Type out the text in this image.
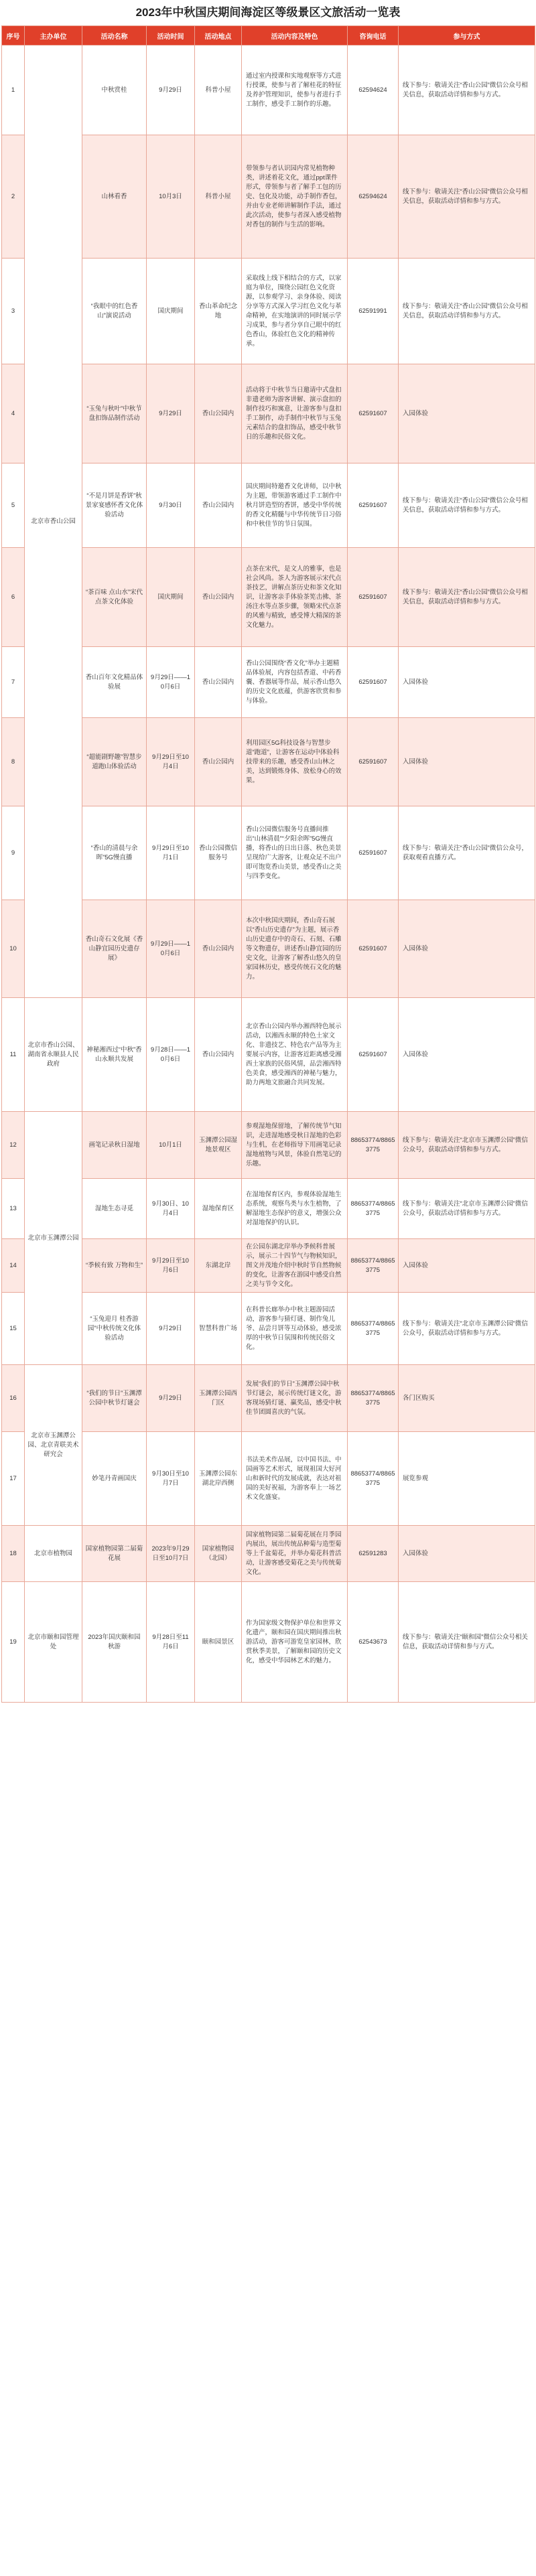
2023年中秋国庆期间海淀区等级景区文旅活动一览表
序号	主办单位	活动名称	活动时间	活动地点	活动内容及特色	咨询电话	参与方式
1	北京市香山公园	中秋赏桂	9月29日	科普小屋	通过室内授课和实地观察等方式进行授课，使参与者了解桂花的特征及养护管理知识，使参与者进行手工制作，感受手工制作的乐趣。	62594624	线下参与：敬请关注“香山公园”微信公众号相关信息，获取活动详情和参与方式。
2		山林看香	10月3日	科普小屋	带领参与者认识园内常见植物种类，讲述着花文化，通过ppt课件形式，带领参与者了解手工包的历史、包化及功能，动手制作香包，并由专业老师讲解制作手法，通过此次活动，使参与者深入感受植物对香包的制作与生活的影响。	62594624	线下参与：敬请关注“香山公园”微信公众号相关信息，获取活动详情和参与方式。
3		“我眼中的红色香山”演说活动	国庆期间	香山革命纪念地	采取线上线下相结合的方式，以家庭为单位，围绕公园红色文化资源，以参观学习、亲身体验、阅读分享等方式深入学习红色文化与革命精神，在实地演讲的同时展示学习成果，参与者分享自己眼中的红色香山，体验红色文化的精神传承。	62591991	线下参与：敬请关注“香山公园”微信公众号相关信息，获取活动详情和参与方式。
4		“玉兔与秋叶”中秋节盘扣饰品制作活动	9月29日	香山公园内	活动将于中秋节当日邀请中式盘扣非遗老师为游客讲解、演示盘扣的制作技巧和寓意，让游客参与盘扣手工制作，动手制作中秋节与玉兔元素结合的盘扣饰品，感受中秋节日的乐趣和民俗文化。	62591607	入园体验
5		“不是月饼是香饼”秋景家宴感怀香文化体验活动	9月30日	香山公园内	国庆期间特邀香文化讲师，以中秋为主题，带领游客通过手工制作中秋月饼造型的香饼，感受中华传统的香文化精髓与中华传统节日习俗和中秋佳节的节日氛围。	62591607	线下参与：敬请关注“香山公园”微信公众号相关信息，获取活动详情和参与方式。
6		“茶百味 点山水”宋代点茶文化体验	国庆期间	香山公园内	点茶在宋代，是文人的雅事，也是社会风尚。茶人为游客展示宋代点茶技艺，讲解点茶历史和茶文化知识，让游客亲手体验茶筅击拂、茶汤注水等点茶步骤，领略宋代点茶的风雅与精致，感受博大精深的茶文化魅力。	62591607	线下参与：敬请关注“香山公园”微信公众号相关信息，获取活动详情和参与方式。
7		香山百年文化精品体验展	9月29日——10月6日	香山公园内	香山公园围绕“香文化”举办主题精品体验展，内容包括香道、中药香囊、香器展等作品，展示香山悠久的历史文化底蕴，供游客欣赏和参与体验。	62591607	入园体验
8		“超能剧野趣”智慧步道跑山体验活动	9月29日至10月4日	香山公园内	利用园区5G科技设备与智慧步道“跑道”，让游客在运动中体验科技带来的乐趣，感受香山山林之美，达到锻炼身体、放松身心的效果。	62591607	入园体验
9		“香山的清晨与余晖”5G慢直播	9月29日至10月1日	香山公园微信服务号	香山公园微信服务号直播间推出“山林清晨”“夕阳余晖”5G慢直播，将香山的日出日落、秋色美景呈现给广大游客，让观众足不出户即可饱览香山美景，感受香山之美与四季变化。	62591607	线下参与：敬请关注“香山公园”微信公众号，获取观看直播方式。
10		香山奇石文化展《香山静宜园历史遗存展》	9月29日——10月6日	香山公园内	本次中秋国庆期间，香山奇石展以“香山历史遗存”为主题，展示香山历史遗存中的奇石、石刻、石雕等文物遗存，讲述香山静宜园的历史文化，让游客了解香山悠久的皇家园林历史，感受传统石文化的魅力。	62591607	入园体验
11	北京市香山公园、湖南省永顺县人民政府	神秘湘西过“中秋”香山永顺共发展	9月28日——10月6日	香山公园内	北京香山公园内举办湘西特色展示活动，以湘西永顺的特色土家文化、非遗技艺、特色农产品等为主要展示内容，让游客近距离感受湘西土家族的民俗风情，品尝湘西特色美食，感受湘西的神秘与魅力，助力两地文旅融合共同发展。	62591607	入园体验
12	北京市玉渊潭公园	画笔记录秋日湿地	10月1日	玉渊潭公园湿地景观区	参观湿地保留地，了解传统节气知识，走进湿地感受秋日湿地的色彩与生机，在老师指导下用画笔记录湿地植物与风景，体验自然笔记的乐趣。	88653774/88653775	线下参与：敬请关注“北京市玉渊潭公园”微信公众号，获取活动详情和参与方式。
13		湿地生态寻觅	9月30日、10月4日	湿地保育区	在湿地保育区内，参观体验湿地生态系统，观察鸟类与水生植物，了解湿地生态保护的意义，增强公众对湿地保护的认识。	88653774/88653775	线下参与：敬请关注“北京市玉渊潭公园”微信公众号，获取活动详情和参与方式。
14		“季候有致 万物和生”	9月29日至10月6日	东湖北岸	在公园东湖北岸举办季候科普展示，展示二十四节气与物候知识，图文并茂地介绍中秋时节自然物候的变化，让游客在游园中感受自然之美与节令文化。	88653774/88653775	入园体验
15		“玉兔迎月 桂香游园”中秋传统文化体验活动	9月29日	智慧科普广场	在科普长廊举办中秋主题游园活动，游客参与猜灯谜、制作兔儿爷、品尝月饼等互动体验，感受浓厚的中秋节日氛围和传统民俗文化。	88653774/88653775	线下参与：敬请关注“北京市玉渊潭公园”微信公众号，获取活动详情和参与方式。
16	北京市玉渊潭公园、北京青联美术研究会	“我们的节日”玉渊潭公园中秋节灯谜会	9月29日	玉渊潭公园西门区	发展“我们的节日”玉渊潭公园中秋节灯谜会，展示传统灯谜文化，游客现场猜灯谜、赢奖品，感受中秋佳节团圆喜庆的气氛。	88653774/88653775	各门区购买
17		妙笔丹青画国庆	9月30日至10月7日	玉渊潭公园东湖北岸西侧	书法美术作品展，以中国书法、中国画等艺术形式，展现祖国大好河山和新时代的发展成就，表达对祖国的美好祝福，为游客奉上一场艺术文化盛宴。	88653774/88653775	展览参观
18	北京市植物园	国家植物园第二届菊花展	2023年9月29日至10月7日	国家植物园（北园）	国家植物园第二届菊花展在月季园内展出，展出传统品种菊与造型菊等上千盆菊花，并举办菊花科普活动，让游客感受菊花之美与传统菊文化。	62591283	入园体验
19	北京市颐和园管理处	2023年国庆颐和园秋游	9月28日至11月6日	颐和园景区	作为国家级文物保护单位和世界文化遗产，颐和园在国庆期间推出秋游活动，游客可游览皇家园林，欣赏秋季美景，了解颐和园的历史文化，感受中华园林艺术的魅力。	62543673	线下参与：敬请关注“颐和园”微信公众号相关信息，获取活动详情和参与方式。
